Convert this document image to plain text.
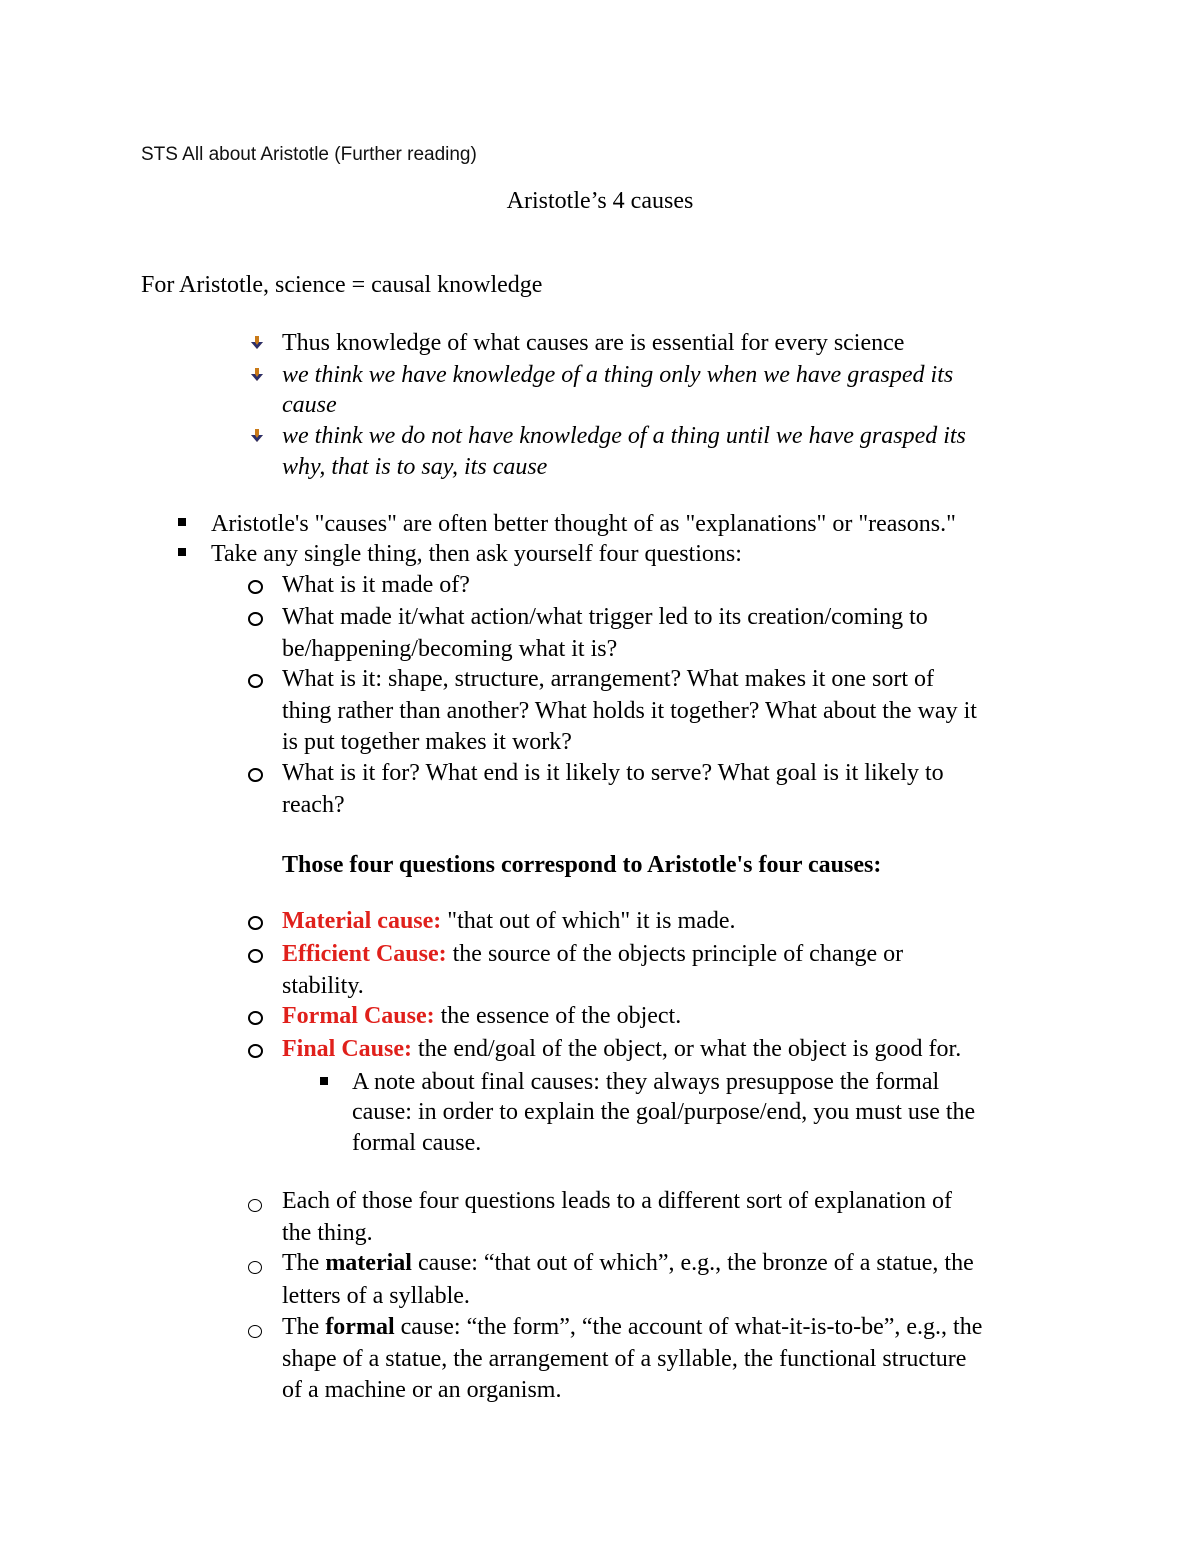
STS All about Aristotle (Further reading)
Aristotle’s 4 causes
For Aristotle, science = causal knowledge
Thus knowledge of what causes are is essential for every science
we think we have knowledge of a thing only when we have grasped its
cause
we think we do not have knowledge of a thing until we have grasped its
why, that is to say, its cause
Aristotle's "causes" are often better thought of as "explanations" or "reasons."
Take any single thing, then ask yourself four questions:
What is it made of?
What made it/what action/what trigger led to its creation/coming to
be/happening/becoming what it is?
What is it: shape, structure, arrangement? What makes it one sort of
thing rather than another? What holds it together? What about the way it
is put together makes it work?
What is it for? What end is it likely to serve? What goal is it likely to
reach?
Those four questions correspond to Aristotle's four causes:
Material cause: "that out of which" it is made.
Efficient Cause: the source of the objects principle of change or
stability.
Formal Cause: the essence of the object.
Final Cause: the end/goal of the object, or what the object is good for.
A note about final causes: they always presuppose the formal
cause: in order to explain the goal/purpose/end, you must use the
formal cause.
Each of those four questions leads to a different sort of explanation of
the thing.
The material cause: “that out of which”, e.g., the bronze of a statue, the
letters of a syllable.
The formal cause: “the form”, “the account of what-it-is-to-be”, e.g., the
shape of a statue, the arrangement of a syllable, the functional structure
of a machine or an organism.
